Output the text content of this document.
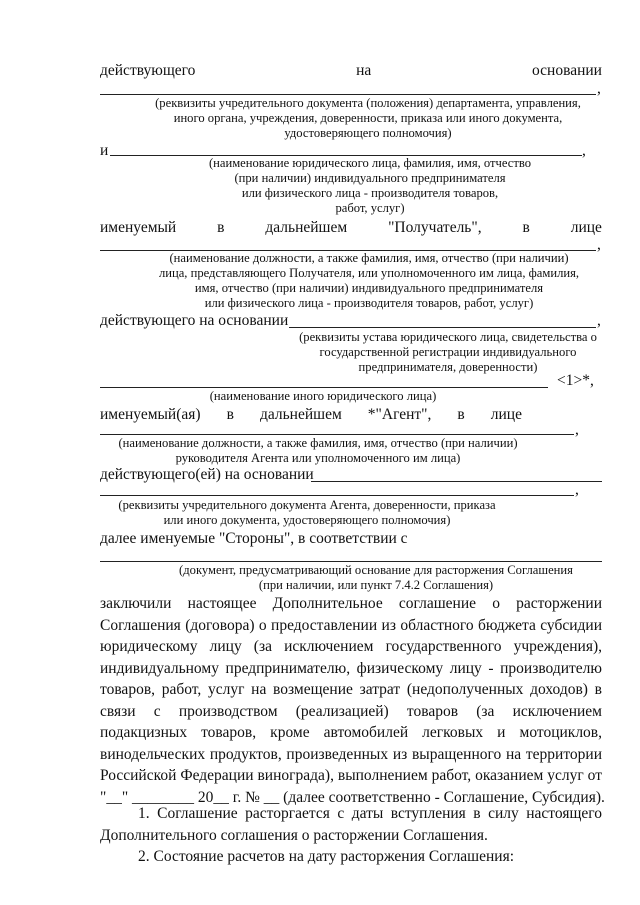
действующего	на	основании
,
(реквизиты учредительного документа (положения) департамента, управления,
иного органа, учреждения, доверенности, приказа или иного документа,
удостоверяющего полномочия)
и	,
(наименование юридического лица, фамилия, имя, отчество
(при наличии) индивидуального предпринимателя
или физического лица - производителя товаров,
работ, услуг)
именуемый	в	дальнейшем	"Получатель",	в	лице
,
(наименование должности, а также фамилия, имя, отчество (при наличии)
лица, представляющего Получателя, или уполномоченного им лица, фамилия,
имя, отчество (при наличии) индивидуального предпринимателя
или физического лица - производителя товаров, работ, услуг)
действующего на основании	,
(реквизиты устава юридического лица, свидетельства о
государственной регистрации индивидуального
предпринимателя, доверенности)
<1>*,
(наименование иного юридического лица)
именуемый(ая) в дальнейшем *"Агент", в лице
,
(наименование должности, а также фамилия, имя, отчество (при наличии)
руководителя Агента или уполномоченного им лица)
действующего(ей) на основании
,
(реквизиты учредительного документа Агента, доверенности, приказа
или иного документа, удостоверяющего полномочия)
далее именуемые "Стороны", в соответствии с
(документ, предусматривающий основание для расторжения Соглашения
(при наличии, или пункт 7.4.2 Соглашения)
заключили настоящее Дополнительное соглашение о расторжении
Соглашения (договора) о предоставлении из областного бюджета субсидии
юридическому лицу (за исключением государственного учреждения),
индивидуальному предпринимателю, физическому лицу - производителю
товаров, работ, услуг на возмещение затрат (недополученных доходов) в
связи с производством (реализацией) товаров (за исключением
подакцизных товаров, кроме автомобилей легковых и мотоциклов,
винодельческих продуктов, произведенных из выращенного на территории
Российской Федерации винограда), выполнением работ, оказанием услуг от
"__" ________ 20__ г. № __ (далее соответственно - Соглашение, Субсидия).
1. Соглашение расторгается с даты вступления в силу настоящего
Дополнительного соглашения о расторжении Соглашения.
2. Состояние расчетов на дату расторжения Соглашения:
